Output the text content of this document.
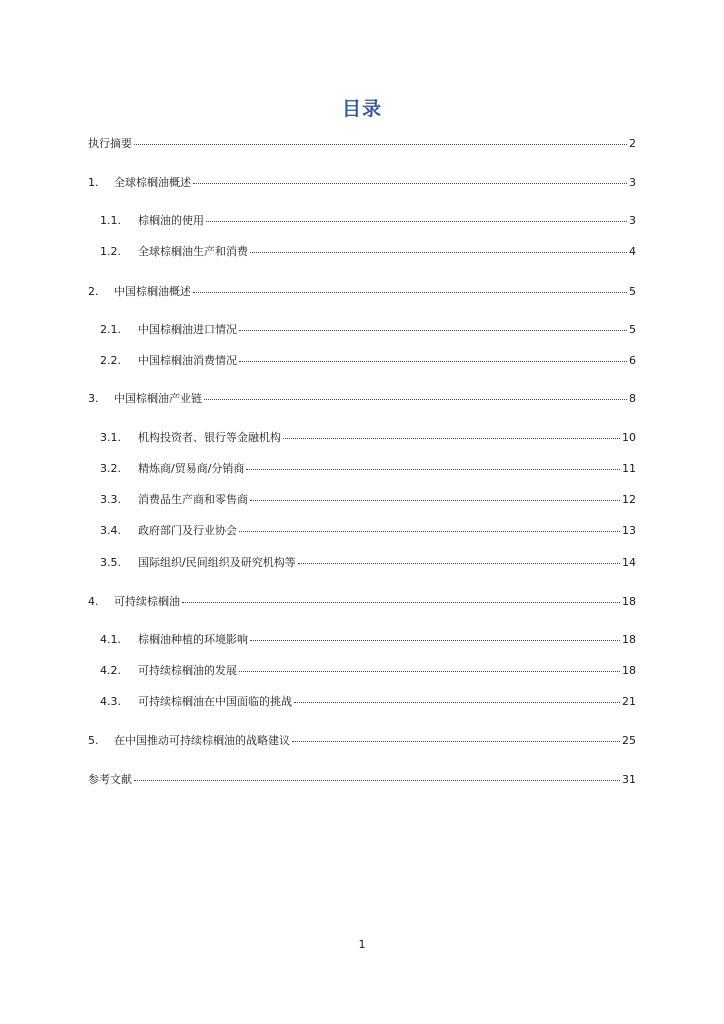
目录
执行摘要	2
1.	全球棕榈油概述	3
1.1.	棕榈油的使用	3
1.2.	全球棕榈油生产和消费	4
2.	中国棕榈油概述	5
2.1.	中国棕榈油进口情况	5
2.2.	中国棕榈油消费情况	6
3.	中国棕榈油产业链	8
3.1.	机构投资者、银行等金融机构	10
3.2.	精炼商/贸易商/分销商	11
3.3.	消费品生产商和零售商	12
3.4.	政府部门及行业协会	13
3.5.	国际组织/民间组织及研究机构等	14
4.	可持续棕榈油	18
4.1.	棕榈油种植的环境影响	18
4.2.	可持续棕榈油的发展	18
4.3.	可持续棕榈油在中国面临的挑战	21
5.	在中国推动可持续棕榈油的战略建议	25
参考文献	31
1
